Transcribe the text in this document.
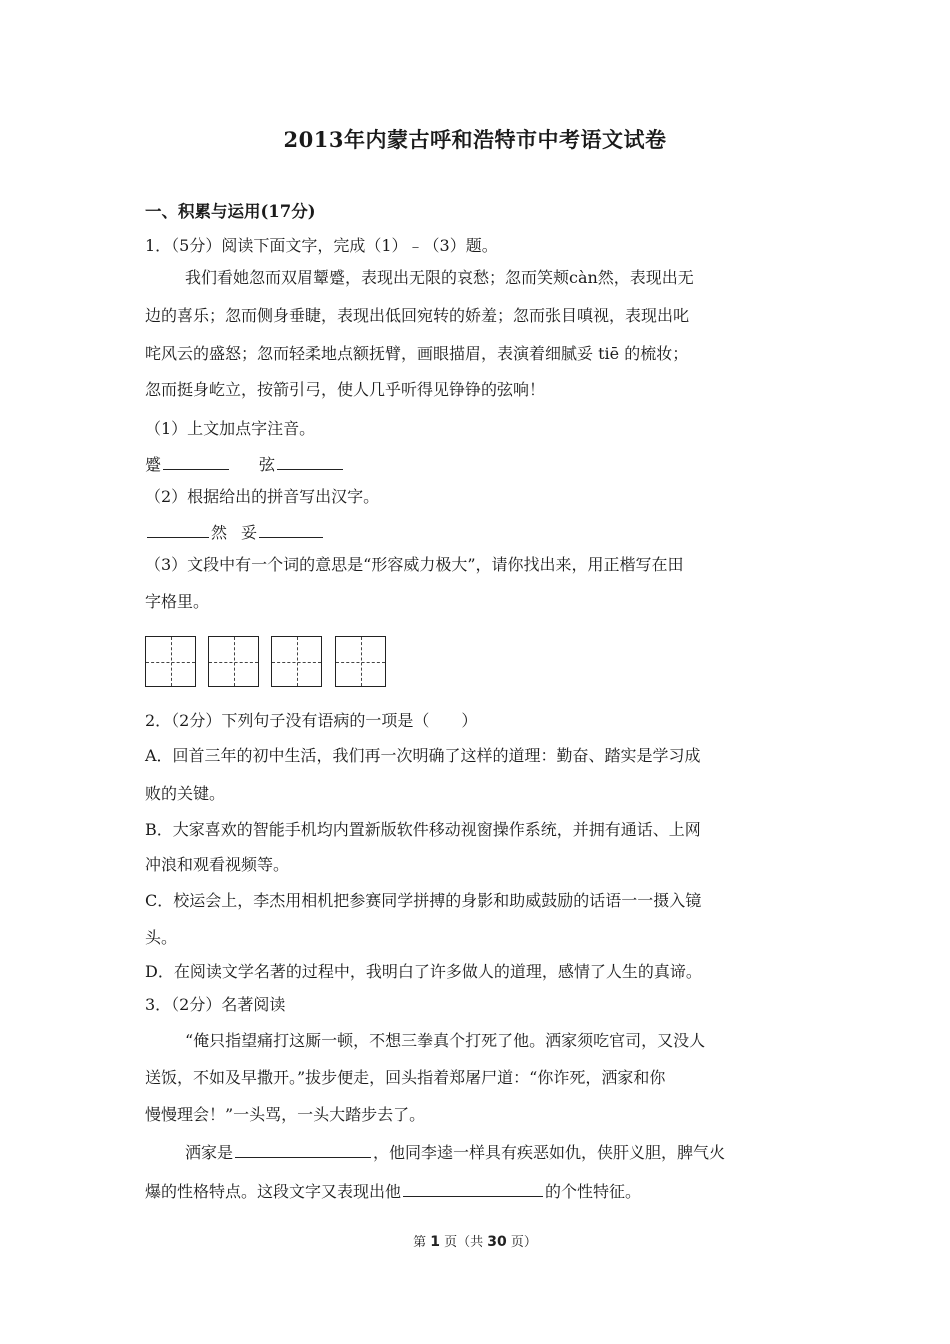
2013年内蒙古呼和浩特市中考语文试卷
一、积累与运用(17分)
1．（5分）阅读下面文字，完成（1）﹣（3）题。
我们看她忽而双眉颦蹙，表现出无限的哀愁；忽而笑颊càn然，表现出无
边的喜乐；忽而侧身垂睫，表现出低回宛转的娇羞；忽而张目嗔视，表现出叱
咤风云的盛怒；忽而轻柔地点额抚臂，画眼描眉，表演着细腻妥 tiē 的梳妆；
忽而挺身屹立，按箭引弓，使人几乎听得见铮铮的弦响！
（1）上文加点字注音。
蹙	弦
（2）根据给出的拼音写出汉字。
然 妥
（3）文段中有一个词的意思是“形容威力极大”，请你找出来，用正楷写在田
字格里。
2．（2分）下列句子没有语病的一项是（　　）
A．回首三年的初中生活，我们再一次明确了这样的道理：勤奋、踏实是学习成
败的关键。
B．大家喜欢的智能手机均内置新版软件移动视窗操作系统，并拥有通话、上网
冲浪和观看视频等。
C．校运会上，李杰用相机把参赛同学拼搏的身影和助威鼓励的话语一一摄入镜
头。
D．在阅读文学名著的过程中，我明白了许多做人的道理，感情了人生的真谛。
3．（2分）名著阅读
“俺只指望痛打这厮一顿，不想三拳真个打死了他。洒家须吃官司，又没人
送饭，不如及早撒开。”拔步便走，回头指着郑屠尸道：“你诈死，洒家和你
慢慢理会！”一头骂，一头大踏步去了。
洒家是	，他同李逵一样具有疾恶如仇，侠肝义胆，脾气火
爆的性格特点。这段文字又表现出他	的个性特征。
第 1 页（共 30 页）
